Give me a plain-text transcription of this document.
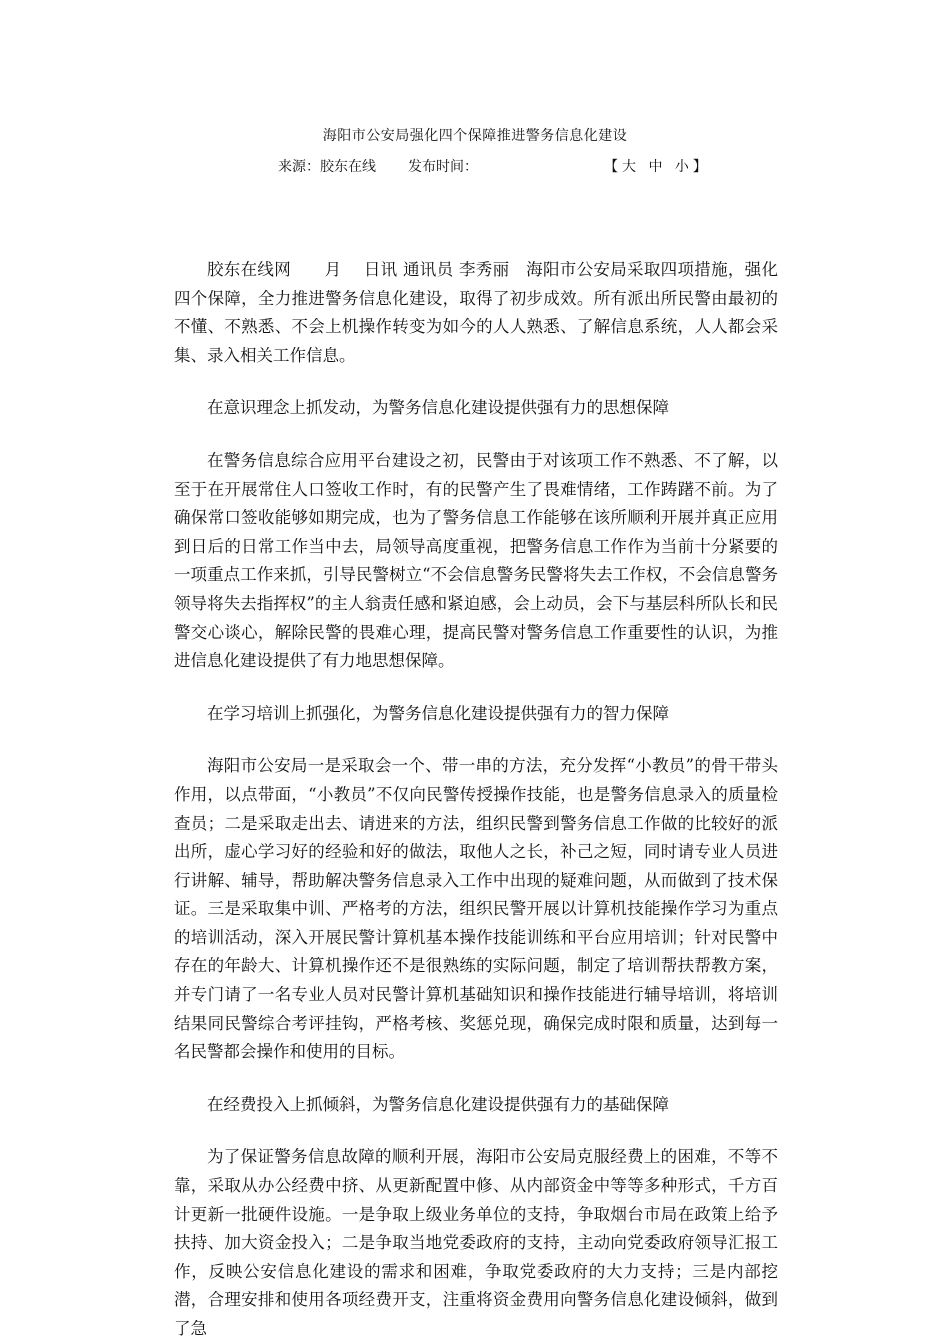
海阳市公安局强化四个保障推进警务信息化建设
来源： 胶东在线 发布时间：	【大 中 小】

胶东在线网　　月　 日讯 通讯员 李秀丽　海阳市公安局采取四项措施，强化四个保障，全力推进警务信息化建设，取得了初步成效。所有派出所民警由最初的不懂、不熟悉、不会上机操作转变为如今的人人熟悉、了解信息系统，人人都会采集、录入相关工作信息。

在意识理念上抓发动，为警务信息化建设提供强有力的思想保障

在警务信息综合应用平台建设之初，民警由于对该项工作不熟悉、不了解，以至于在开展常住人口签收工作时，有的民警产生了畏难情绪，工作踌躇不前。为了确保常口签收能够如期完成，也为了警务信息工作能够在该所顺利开展并真正应用到日后的日常工作当中去，局领导高度重视，把警务信息工作作为当前十分紧要的一项重点工作来抓，引导民警树立“不会信息警务民警将失去工作权，不会信息警务领导将失去指挥权”的主人翁责任感和紧迫感，会上动员，会下与基层科所队长和民警交心谈心，解除民警的畏难心理，提高民警对警务信息工作重要性的认识，为推进信息化建设提供了有力地思想保障。

在学习培训上抓强化，为警务信息化建设提供强有力的智力保障

海阳市公安局一是采取会一个、带一串的方法，充分发挥“小教员”的骨干带头作用，以点带面，“小教员”不仅向民警传授操作技能，也是警务信息录入的质量检查员；二是采取走出去、请进来的方法，组织民警到警务信息工作做的比较好的派出所，虚心学习好的经验和好的做法，取他人之长，补己之短，同时请专业人员进行讲解、辅导，帮助解决警务信息录入工作中出现的疑难问题，从而做到了技术保证。三是采取集中训、严格考的方法，组织民警开展以计算机技能操作学习为重点的培训活动，深入开展民警计算机基本操作技能训练和平台应用培训；针对民警中存在的年龄大、计算机操作还不是很熟练的实际问题，制定了培训帮扶帮教方案，并专门请了一名专业人员对民警计算机基础知识和操作技能进行辅导培训，将培训结果同民警综合考评挂钩，严格考核、奖惩兑现，确保完成时限和质量，达到每一名民警都会操作和使用的目标。

在经费投入上抓倾斜，为警务信息化建设提供强有力的基础保障

为了保证警务信息故障的顺利开展，海阳市公安局克服经费上的困难，不等不靠，采取从办公经费中挤、从更新配置中修、从内部资金中等等多种形式，千方百计更新一批硬件设施。一是争取上级业务单位的支持，争取烟台市局在政策上给予扶持、加大资金投入；二是争取当地党委政府的支持，主动向党委政府领导汇报工作，反映公安信息化建设的需求和困难，争取党委政府的大力支持；三是内部挖潜，合理安排和使用各项经费开支，注重将资金费用向警务信息化建设倾斜，做到了急
